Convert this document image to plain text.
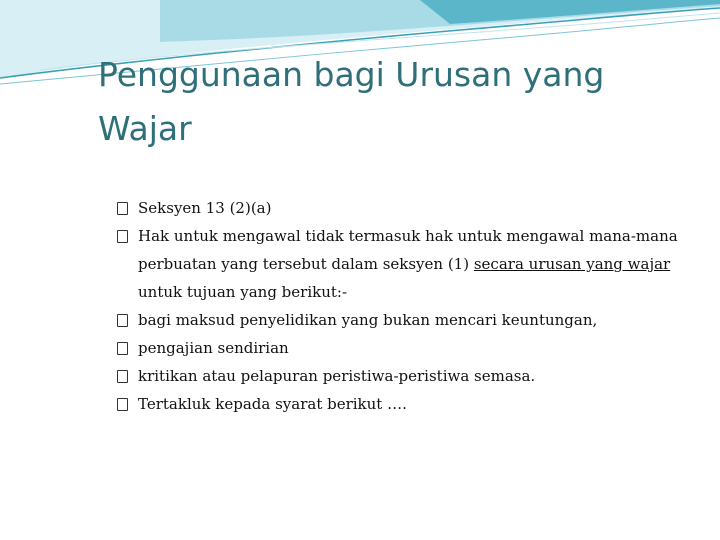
Penggunaan bagi Urusan yang
Wajar
Seksyen 13 (2)(a)
Hak untuk mengawal tidak termasuk hak untuk mengawal mana-mana perbuatan yang tersebut dalam seksyen (1) secara urusan yang wajar untuk tujuan yang berikut:-
bagi maksud penyelidikan yang bukan mencari keuntungan,
pengajian sendirian
kritikan atau pelapuran peristiwa-peristiwa semasa.
Tertakluk kepada syarat berikut ….
